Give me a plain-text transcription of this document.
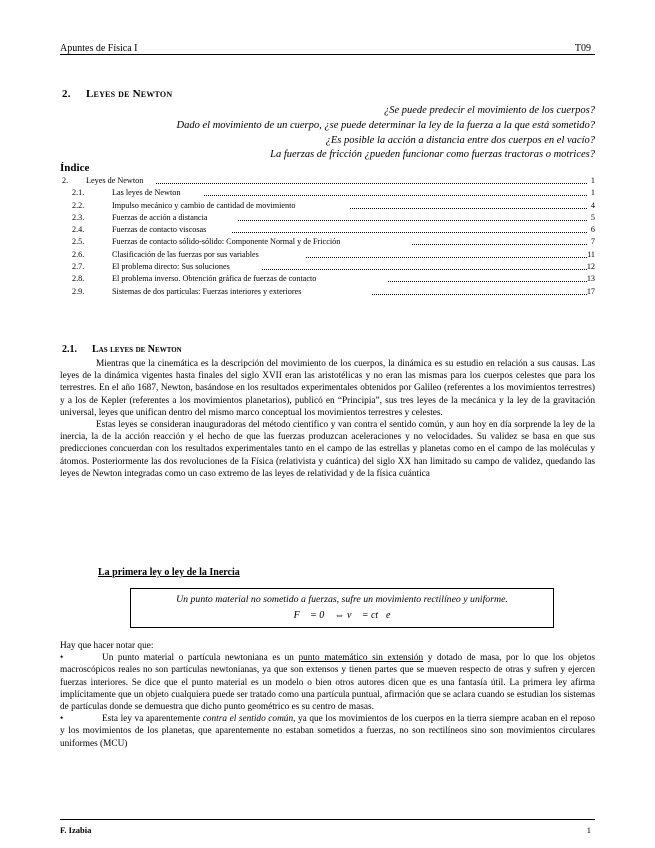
Apuntes de Física I	T09
2. Leyes de Newton
¿Se puede predecir el movimiento de los cuerpos?
Dado el movimiento de un cuerpo, ¿se puede determinar la ley de la fuerza a la que está sometido?
¿Es posible la acción a distancia entre dos cuerpos en el vacío?
La fuerzas de fricción ¿pueden funcionar como fuerzas tractoras o motrices?
Índice
2. Leyes de Newton	1
2.1.	Las leyes de Newton	1
2.2.	Impulso mecánico y cambio de cantidad de movimiento	4
2.3.	Fuerzas de acción a distancia	5
2.4.	Fuerzas de contacto viscosas	6
2.5.	Fuerzas de contacto sólido-sólido: Componente Normal y de Fricción	7
2.6.	Clasificación de las fuerzas por sus variables	11
2.7.	El problema directo: Sus soluciones	12
2.8.	El problema inverso. Obtención gráfica de fuerzas de contacto	13
2.9.	Sistemas de dos partículas: Fuerzas interiores y exteriores	17
2.1. Las leyes de Newton

Mientras que la cinemática es la descripción del movimiento de los cuerpos, la dinámica es su estudio en relación a sus causas. Las leyes de la dinámica vigentes hasta finales del siglo XVII eran las aristotélicas y no eran las mismas para los cuerpos celestes que para los terrestres. En el año 1687, Newton, basándose en los resultados experimentales obtenidos por Galileo (referentes a los movimientos terrestres) y a los de Kepler (referentes a los movimientos planetarios), publicó en “Principia”, sus tres leyes de la mecánica y la ley de la gravitación universal, leyes que unifican dentro del mismo marco conceptual los movimientos terrestres y celestes.

Estas leyes se consideran inauguradoras del método científico y van contra el sentido común, y aun hoy en día sorprende la ley de la inercia, la de la acción reacción y el hecho de que las fuerzas produzcan aceleraciones y no velocidades. Su validez se basa en que sus predicciones concuerdan con los resultados experimentales tanto en el campo de las estrellas y planetas como en el campo de las moléculas y átomos. Posteriormente las dos revoluciones de la Física (relativista y cuántica) del siglo XX han limitado su campo de validez, quedando las leyes de Newton integradas como un caso extremo de las leyes de relatividad y de la física cuántica

La primera ley o ley de la Inercia
Un punto material no sometido a fuerzas, sufre un movimiento rectilíneo y uniforme.
F⃗ = 0⃗ ⇔ v⃗ = ct⃗e

Hay que hacer notar que:

•	Un punto material o partícula newtoniana es un punto matemático sin extensión y dotado de masa, por lo que los objetos macroscópicos reales no son partículas newtonianas, ya que son extensos y tienen partes que se mueven respecto de otras y sufren y ejercen fuerzas interiores. Se dice que el punto material es un modelo o bien otros autores dicen que es una fantasía útil. La primera ley afirma implícitamente que un objeto cualquiera puede ser tratado como una partícula puntual, afirmación que se aclara cuando se estudian los sistemas de partículas donde se demuestra que dicho punto geométrico es su centro de masas.

•	Esta ley va aparentemente contra el sentido común, ya que los movimientos de los cuerpos en la tierra siempre acaban en el reposo y los movimientos de los planetas, que aparentemente no estaban sometidos a fuerzas, no son rectilíneos sino son movimientos circulares uniformes (MCU)

F. Izabia	1
